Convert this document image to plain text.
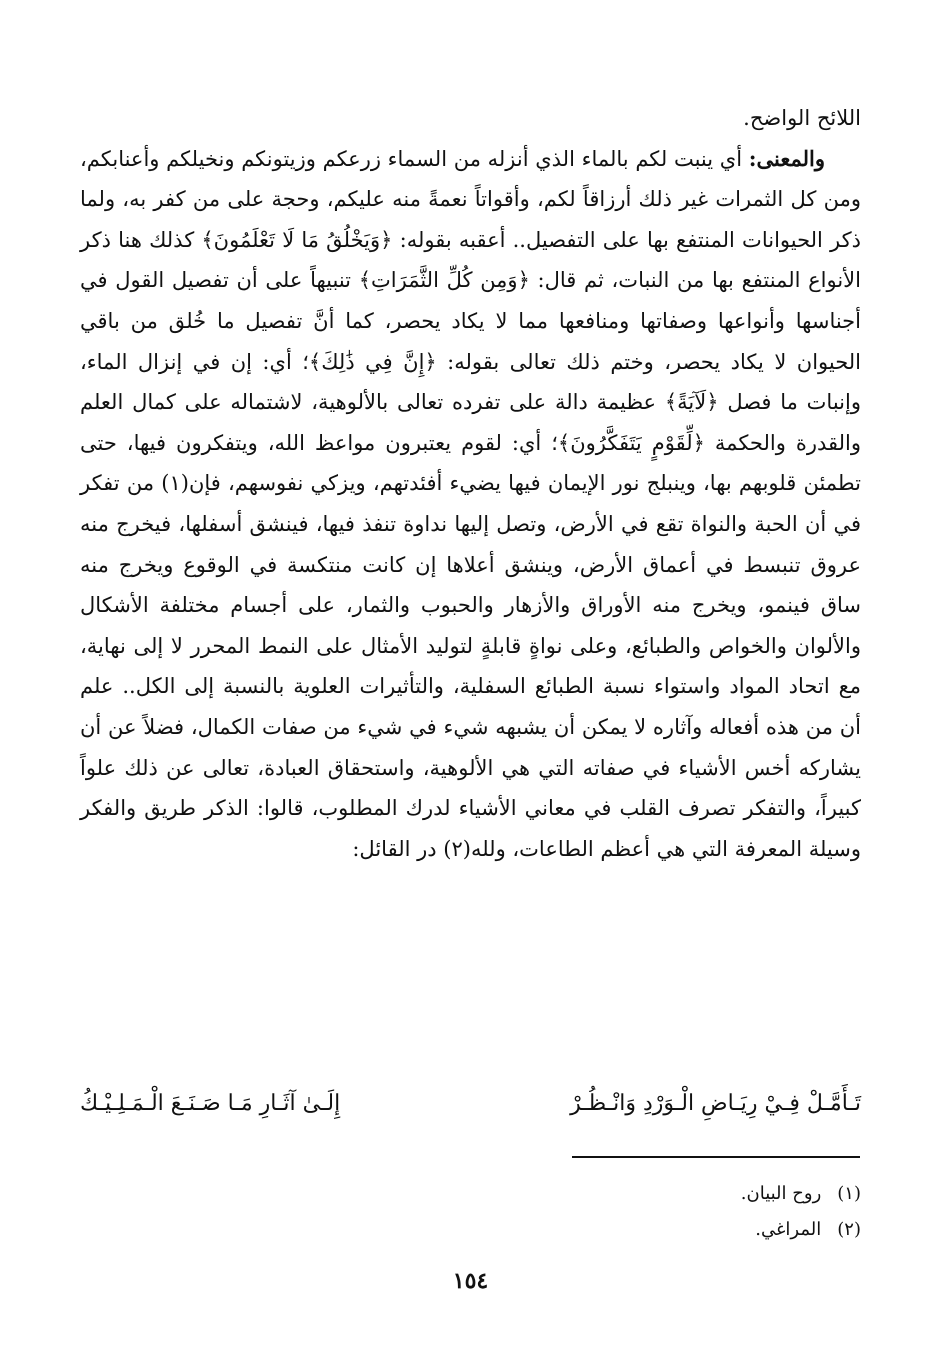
اللائح الواضح.

والمعنى: أي ينبت لكم بالماء الذي أنزله من السماء زرعكم وزيتونكم ونخيلكم وأعنابكم، ومن كل الثمرات غير ذلك أرزاقاً لكم، وأقواتاً نعمةً منه عليكم، وحجة على من كفر به، ولما ذكر الحيوانات المنتفع بها على التفصيل.. أعقبه بقوله: ﴿وَيَخْلُقُ مَا لَا تَعْلَمُونَ﴾ كذلك هنا ذكر الأنواع المنتفع بها من النبات، ثم قال: ﴿وَمِن كُلِّ الثَّمَرَاتِ﴾ تنبيهاً على أن تفصيل القول في أجناسها وأنواعها وصفاتها ومنافعها مما لا يكاد يحصر، كما أنَّ تفصيل ما خُلق من باقي الحيوان لا يكاد يحصر، وختم ذلك تعالى بقوله: ﴿إِنَّ فِي ذَٰلِكَ﴾؛ أي: إن في إنزال الماء، وإنبات ما فصل ﴿لَآيَةً﴾ عظيمة دالة على تفرده تعالى بالألوهية، لاشتماله على كمال العلم والقدرة والحكمة ﴿لِّقَوْمٍ يَتَفَكَّرُونَ﴾؛ أي: لقوم يعتبرون مواعظ الله، ويتفكرون فيها، حتى تطمئن قلوبهم بها، وينبلج نور الإيمان فيها يضيء أفئدتهم، ويزكي نفوسهم، فإن(١) من تفكر في أن الحبة والنواة تقع في الأرض، وتصل إليها نداوة تنفذ فيها، فينشق أسفلها، فيخرج منه عروق تنبسط في أعماق الأرض، وينشق أعلاها إن كانت منتكسة في الوقوع ويخرج منه ساق فينمو، ويخرج منه الأوراق والأزهار والحبوب والثمار، على أجسام مختلفة الأشكال والألوان والخواص والطبائع، وعلى نواةٍ قابلةٍ لتوليد الأمثال على النمط المحرر لا إلى نهاية، مع اتحاد المواد واستواء نسبة الطبائع السفلية، والتأثيرات العلوية بالنسبة إلى الكل.. علم أن من هذه أفعاله وآثاره لا يمكن أن يشبهه شيء في شيء من صفات الكمال، فضلاً عن أن يشاركه أخس الأشياء في صفاته التي هي الألوهية، واستحقاق العبادة، تعالى عن ذلك علواً كبيراً، والتفكر تصرف القلب في معاني الأشياء لدرك المطلوب، قالوا: الذكر طريق والفكر وسيلة المعرفة التي هي أعظم الطاعات، ولله(٢) در القائل:

تَـأَمَّـلْ فِـيْ رِيَـاضِ الْـوَرْدِ وَانْـظُـرْ
إِلَـىٰ آثَـارِ مَـا صَـنَـعَ الْـمَـلِـيْـكُ
(١)
روح البيان.
(٢)
المراغي.
١٥٤
